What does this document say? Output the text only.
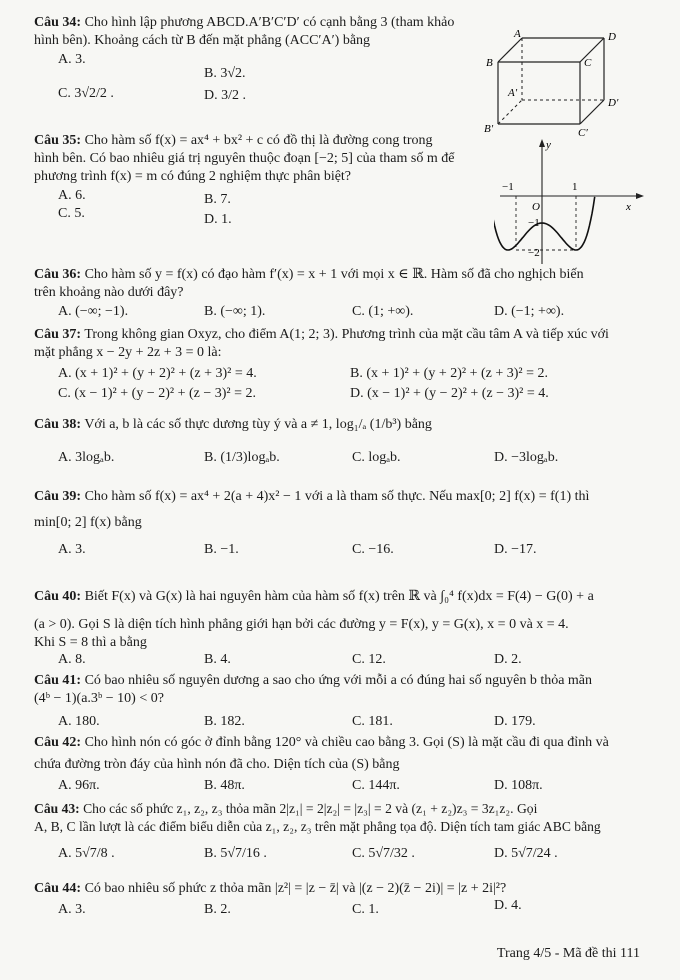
Câu 34: Cho hình lập phương ABCD.A′B′C′D′ có cạnh bằng 3 (tham khảo

hình bên). Khoảng cách từ B đến mặt phẳng (ACC′A′) bằng

A. 3.
B. 3√2.
C. 3√2/2 .	D. 3/2 .
A	D
B	C
A′
D′
B′	C′

Câu 35: Cho hàm số f(x) = ax⁴ + bx² + c có đồ thị là đường cong trong

hình bên. Có bao nhiêu giá trị nguyên thuộc đoạn [−2; 5] của tham số m để

phương trình f(x) = m có đúng 2 nghiệm thực phân biệt?

A. 6.	B. 7.
C. 5.	D. 1.
y
x
O
−1	1
−1
−2

Câu 36: Cho hàm số y = f(x) có đạo hàm f′(x) = x + 1 với mọi x ∈ ℝ. Hàm số đã cho nghịch biến

trên khoảng nào dưới đây?

A. (−∞; −1).	B. (−∞; 1).	C. (1; +∞).	D. (−1; +∞).

Câu 37: Trong không gian Oxyz, cho điểm A(1; 2; 3). Phương trình của mặt cầu tâm A và tiếp xúc với

mặt phẳng x − 2y + 2z + 3 = 0 là:

A. (x + 1)² + (y + 2)² + (z + 3)² = 4.	B. (x + 1)² + (y + 2)² + (z + 3)² = 2.
C. (x − 1)² + (y − 2)² + (z − 3)² = 2.	D. (x − 1)² + (y − 2)² + (z − 3)² = 4.

Câu 38: Với a, b là các số thực dương tùy ý và a ≠ 1, log₁/ₐ (1/b³) bằng

A. 3logₐb.	B. (1/3)logₐb.	C. logₐb.	D. −3logₐb.

Câu 39: Cho hàm số f(x) = ax⁴ + 2(a + 4)x² − 1 với a là tham số thực. Nếu max[0; 2] f(x) = f(1) thì

min[0; 2] f(x) bằng

A. 3.	B. −1.	C. −16.	D. −17.

Câu 40: Biết F(x) và G(x) là hai nguyên hàm của hàm số f(x) trên ℝ và ∫₀⁴ f(x)dx = F(4) − G(0) + a

(a > 0). Gọi S là diện tích hình phẳng giới hạn bởi các đường y = F(x), y = G(x), x = 0 và x = 4.

Khi S = 8 thì a bằng

A. 8.	B. 4.	C. 12.	D. 2.

Câu 41: Có bao nhiêu số nguyên dương a sao cho ứng với mỗi a có đúng hai số nguyên b thỏa mãn

(4ᵇ − 1)(a.3ᵇ − 10) < 0?

A. 180.	B. 182.	C. 181.	D. 179.

Câu 42: Cho hình nón có góc ở đỉnh bằng 120° và chiều cao bằng 3. Gọi (S) là mặt cầu đi qua đỉnh và

chứa đường tròn đáy của hình nón đã cho. Diện tích của (S) bằng

A. 96π.	B. 48π.	C. 144π.	D. 108π.

Câu 43: Cho các số phức z₁, z₂, z₃ thỏa mãn 2|z₁| = 2|z₂| = |z₃| = 2 và (z₁ + z₂)z₃ = 3z₁z₂. Gọi

A, B, C lần lượt là các điểm biểu diễn của z₁, z₂, z₃ trên mặt phẳng tọa độ. Diện tích tam giác ABC bằng

A. 5√7/8 .	B. 5√7/16 .	C. 5√7/32 .	D. 5√7/24 .

Câu 44: Có bao nhiêu số phức z thỏa mãn |z²| = |z − z̄| và |(z − 2)(z̄ − 2i)| = |z + 2i|²?

A. 3.	B. 2.	C. 1.	D. 4.
Trang 4/5 - Mã đề thi 111
